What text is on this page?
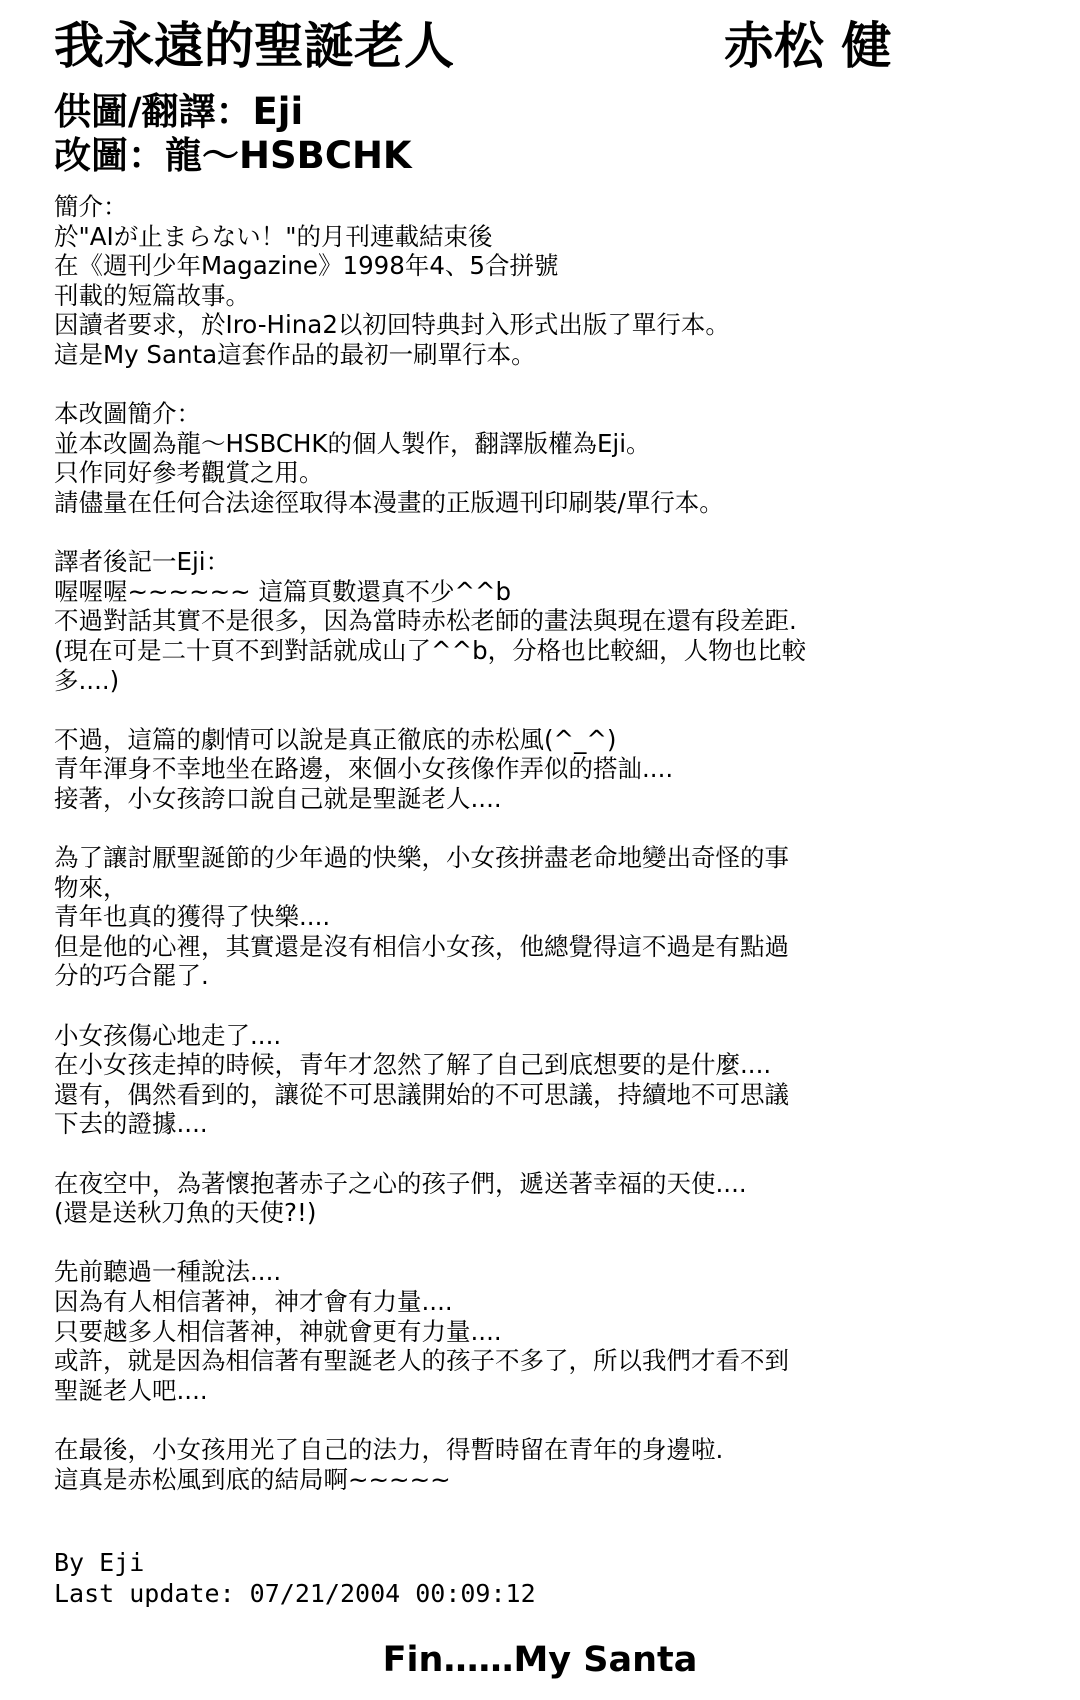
我永遠的聖誕老人	赤松 健
供圖/翻譯：Eji
改圖：龍～HSBCHK
簡介：
於"AIが止まらない！"的月刊連載結束後
在《週刊少年Magazine》1998年4、5合拼號
刊載的短篇故事。
因讀者要求，於Iro-Hina2以初回特典封入形式出版了單行本。
這是My Santa這套作品的最初一刷單行本。
本改圖簡介：
並本改圖為龍～HSBCHK的個人製作，翻譯版權為Eji。
只作同好參考觀賞之用。
請儘量在任何合法途徑取得本漫畫的正版週刊印刷裝/單行本。
譯者後記一Eji：
喔喔喔~~~~~~ 這篇頁數還真不少^^b
不過對話其實不是很多，因為當時赤松老師的畫法與現在還有段差距.
(現在可是二十頁不到對話就成山了^^b，分格也比較細，人物也比較
多....)
不過，這篇的劇情可以說是真正徹底的赤松風(^_^)
青年渾身不幸地坐在路邊，來個小女孩像作弄似的搭訕....
接著，小女孩誇口說自己就是聖誕老人....
為了讓討厭聖誕節的少年過的快樂，小女孩拼盡老命地變出奇怪的事
物來，
青年也真的獲得了快樂....
但是他的心裡，其實還是沒有相信小女孩，他總覺得這不過是有點過
分的巧合罷了.
小女孩傷心地走了....
在小女孩走掉的時候，青年才忽然了解了自己到底想要的是什麼....
還有，偶然看到的，讓從不可思議開始的不可思議，持續地不可思議
下去的證據....
在夜空中，為著懷抱著赤子之心的孩子們，遞送著幸福的天使....
(還是送秋刀魚的天使?!)
先前聽過一種說法....
因為有人相信著神，神才會有力量....
只要越多人相信著神，神就會更有力量....
或許，就是因為相信著有聖誕老人的孩子不多了，所以我們才看不到
聖誕老人吧....
在最後，小女孩用光了自己的法力，得暫時留在青年的身邊啦.
這真是赤松風到底的結局啊~~~~~
By Eji
Last update: 07/21/2004 00:09:12
Fin……My Santa
